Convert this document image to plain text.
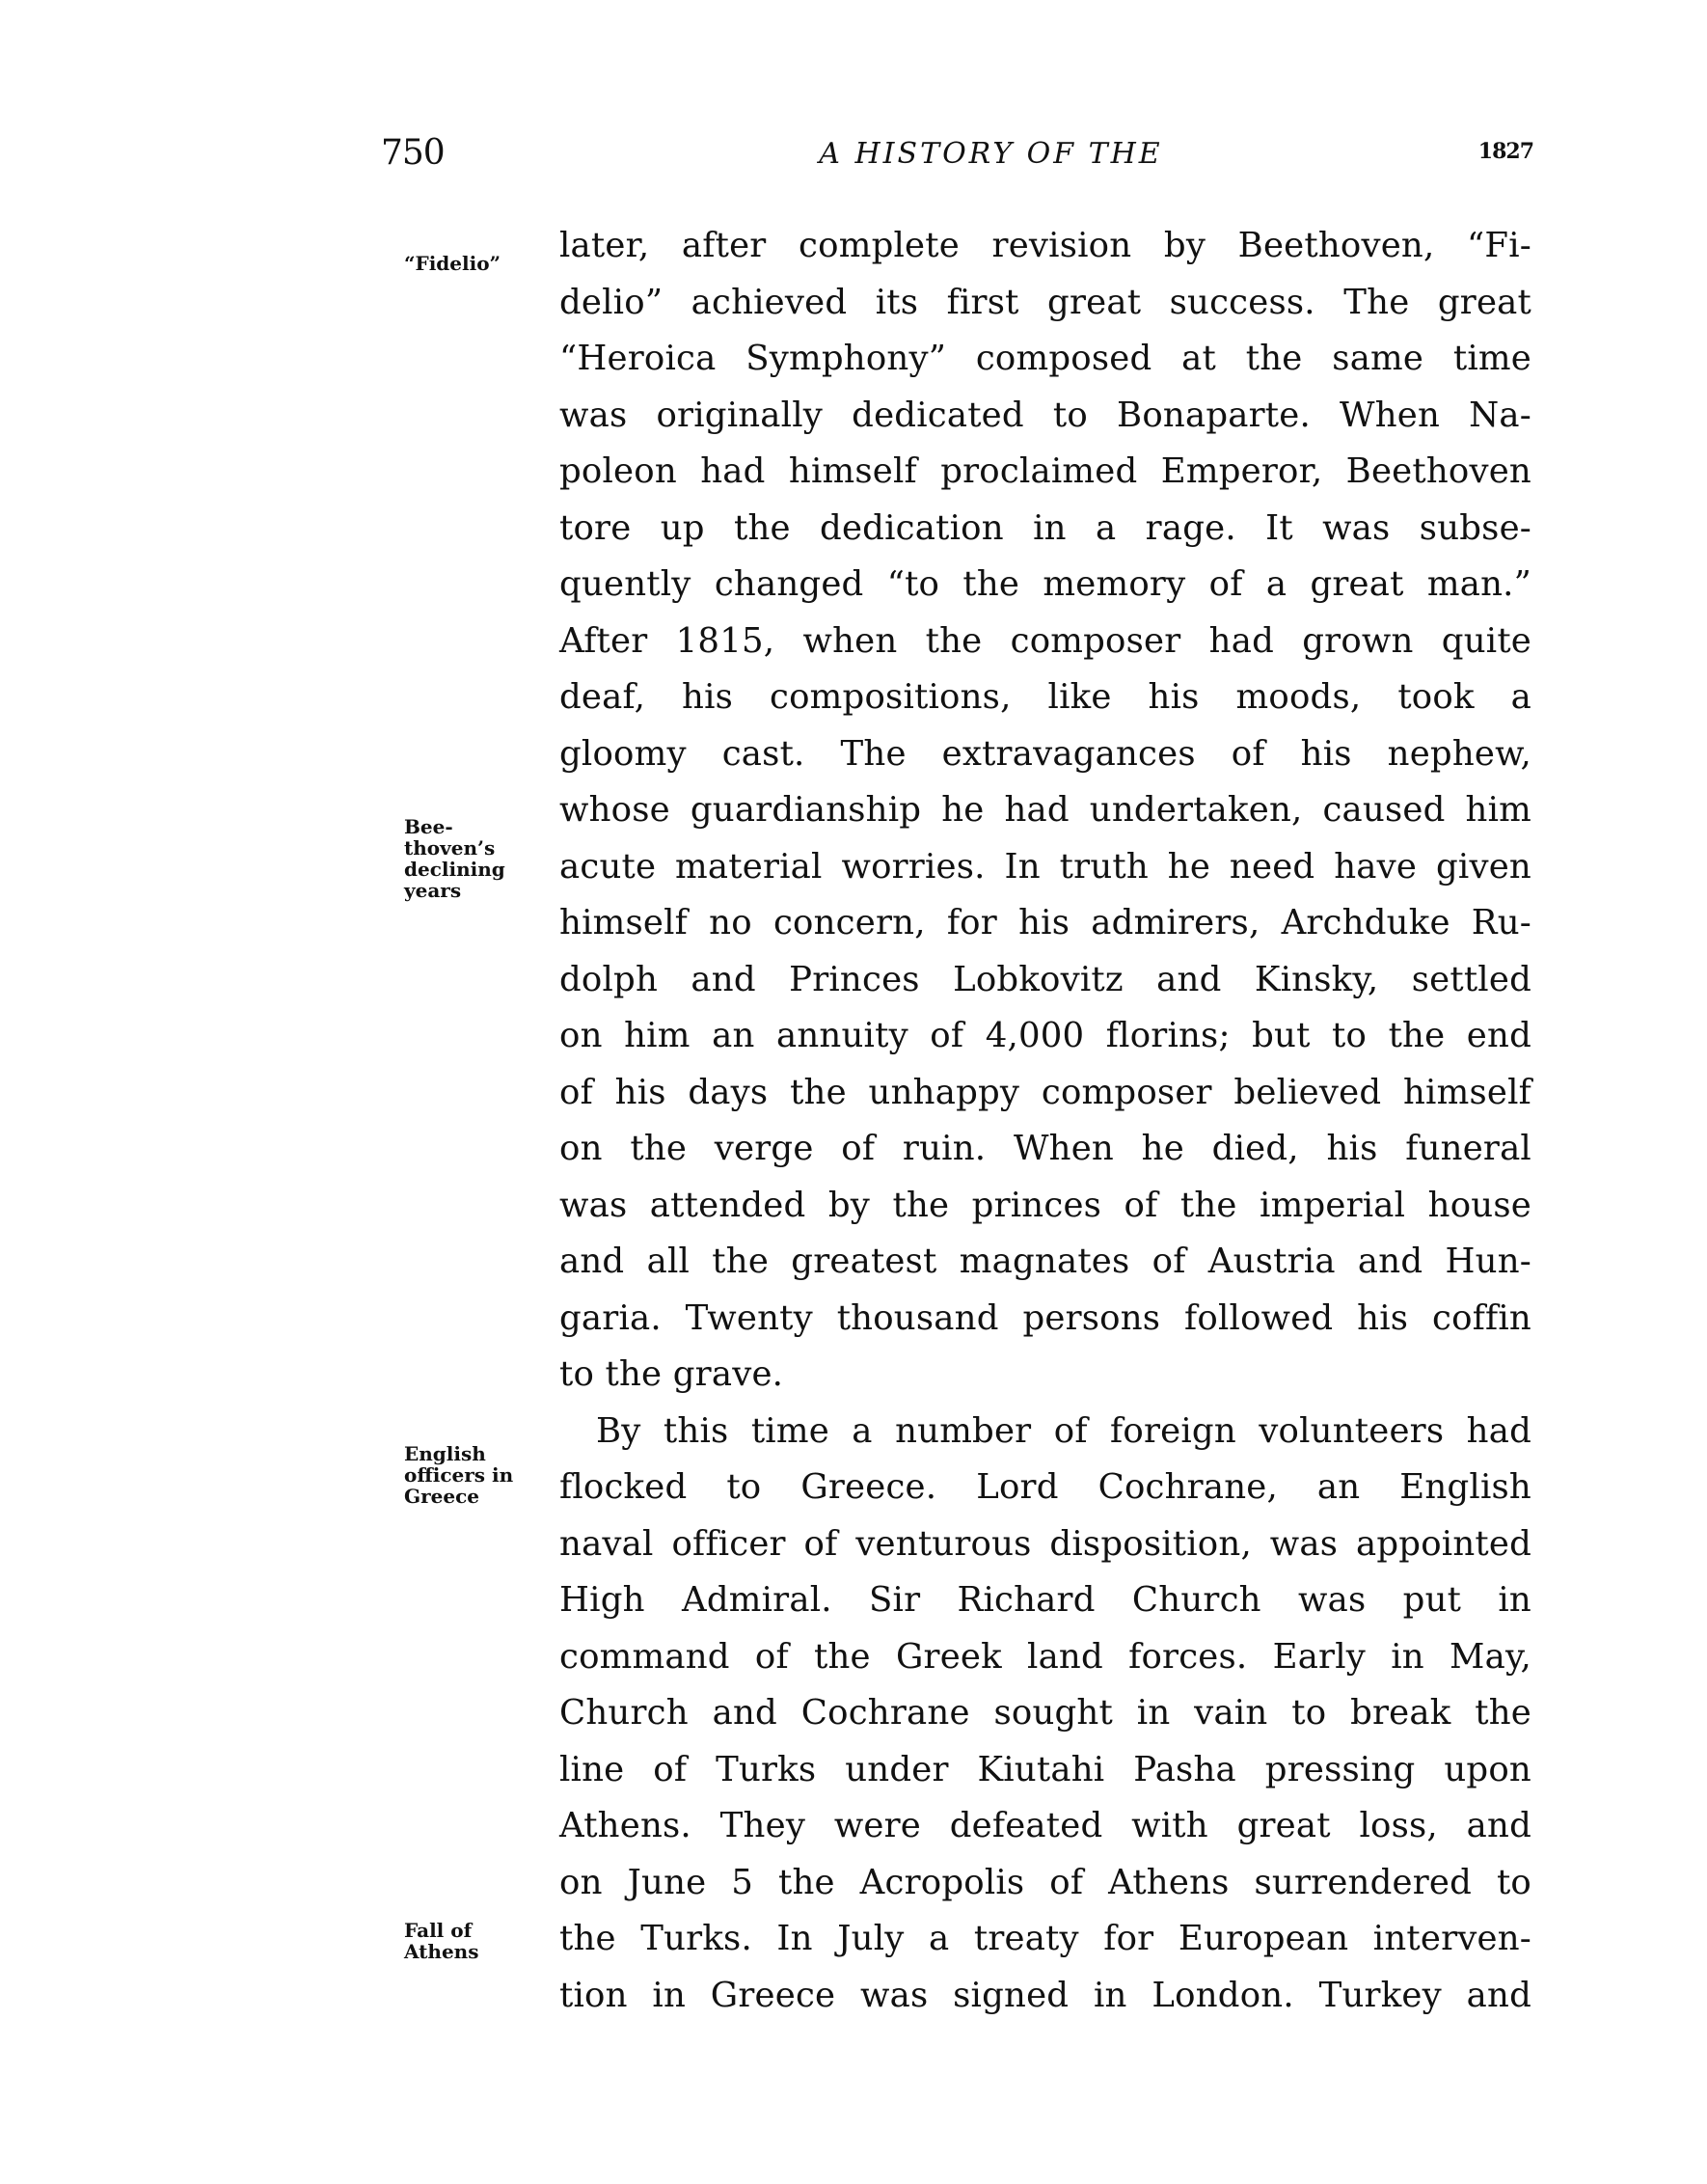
750	A HISTORY OF THE	1827
“Fidelio”
Bee-
thoven’s
declining
years
English
officers in
Greece
Fall of
Athens
later, after complete revision by Beethoven, “Fi-
delio” achieved its first great success. The great
“Heroica Symphony” composed at the same time
was originally dedicated to Bonaparte. When Na-
poleon had himself proclaimed Emperor, Beethoven
tore up the dedication in a rage. It was subse-
quently changed “to the memory of a great man.”
After 1815, when the composer had grown quite
deaf, his compositions, like his moods, took a
gloomy cast. The extravagances of his nephew,
whose guardianship he had undertaken, caused him
acute material worries. In truth he need have given
himself no concern, for his admirers, Archduke Ru-
dolph and Princes Lobkovitz and Kinsky, settled
on him an annuity of 4,000 florins; but to the end
of his days the unhappy composer believed himself
on the verge of ruin. When he died, his funeral
was attended by the princes of the imperial house
and all the greatest magnates of Austria and Hun-
garia. Twenty thousand persons followed his coffin
to the grave.
By this time a number of foreign volunteers had
flocked to Greece. Lord Cochrane, an English
naval officer of venturous disposition, was appointed
High Admiral. Sir Richard Church was put in
command of the Greek land forces. Early in May,
Church and Cochrane sought in vain to break the
line of Turks under Kiutahi Pasha pressing upon
Athens. They were defeated with great loss, and
on June 5 the Acropolis of Athens surrendered to
the Turks. In July a treaty for European interven-
tion in Greece was signed in London. Turkey and
